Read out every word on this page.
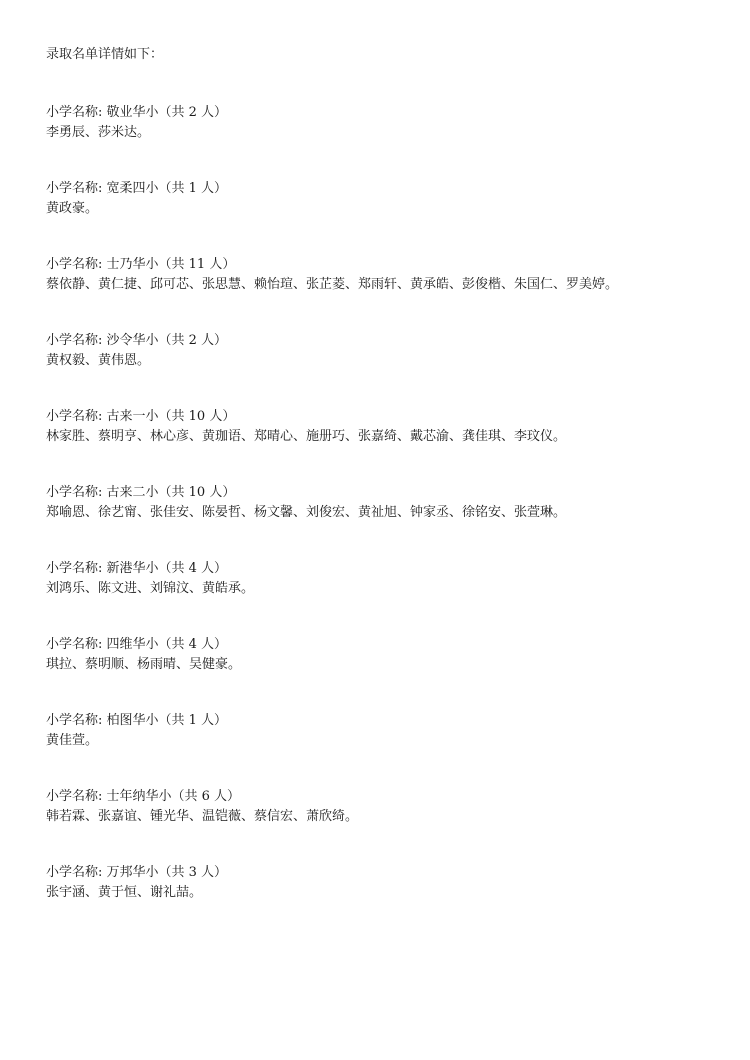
录取名单详情如下：

小学名称: 敬业华小（共 2 人）

李勇辰、莎米达。

小学名称: 宽柔四小（共 1 人）

黄政豪。

小学名称: 士乃华小（共 11 人）

蔡依静、黄仁捷、邱可芯、张思慧、赖怡瑄、张芷菱、郑雨轩、黄承皓、彭俊楷、朱国仁、罗美婷。

小学名称: 沙令华小（共 2 人）

黄权毅、黄伟恩。

小学名称: 古来一小（共 10 人）

林家胜、蔡明亨、林心彦、黄珈语、郑晴心、施册巧、张嘉绮、戴芯渝、龚佳琪、李玟仪。

小学名称: 古来二小（共 10 人）

郑喻恩、徐艺甯、张佳安、陈晏哲、杨文馨、刘俊宏、黄祉旭、钟家丞、徐铭安、张萱琳。

小学名称: 新港华小（共 4 人）

刘鸿乐、陈文进、刘锦汶、黄皓承。

小学名称: 四维华小（共 4 人）

琪拉、蔡明顺、杨雨晴、吴健豪。

小学名称: 柏图华小（共 1 人）

黄佳萱。

小学名称: 士年纳华小（共 6 人）

韩若霖、张嘉谊、锺光华、温铠薇、蔡信宏、萧欣绮。

小学名称: 万邦华小（共 3 人）

张宇涵、黄于恒、谢礼喆。
